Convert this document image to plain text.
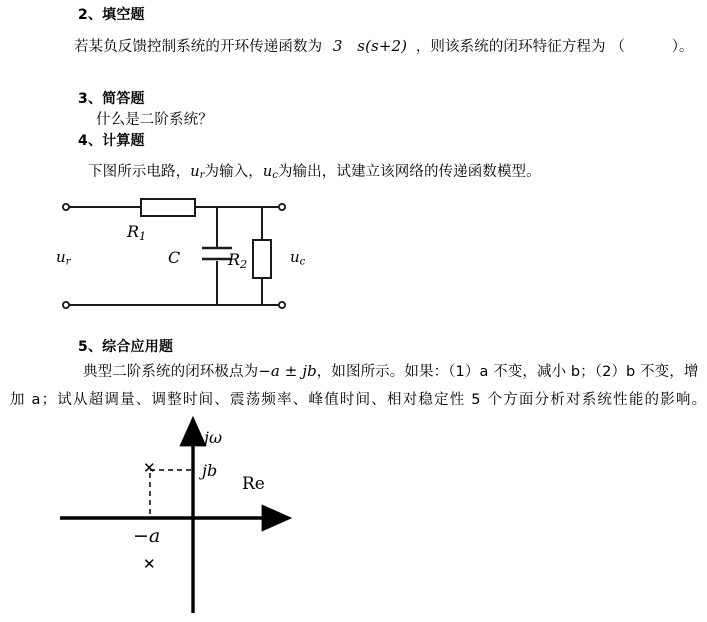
2、填空题
若某负反馈控制系统的开环传递函数为 3 s(s+2) ，则该系统的闭环特征方程为 （	）。
3、简答题
什么是二阶系统？
4、计算题
下图所示电路，ur为输入，uc为输出，试建立该网络的传递函数模型。
R1
ur	C	R2	uc
5、综合应用题
典型二阶系统的闭环极点为−a ± jb，如图所示。如果：（1）a 不变，减小 b；（2）b 不变，增
加 a；试从超调量、调整时间、震荡频率、峰值时间、相对稳定性 5 个方面分析对系统性能的影响。
✕
✕
jω
jb
Re
−a
